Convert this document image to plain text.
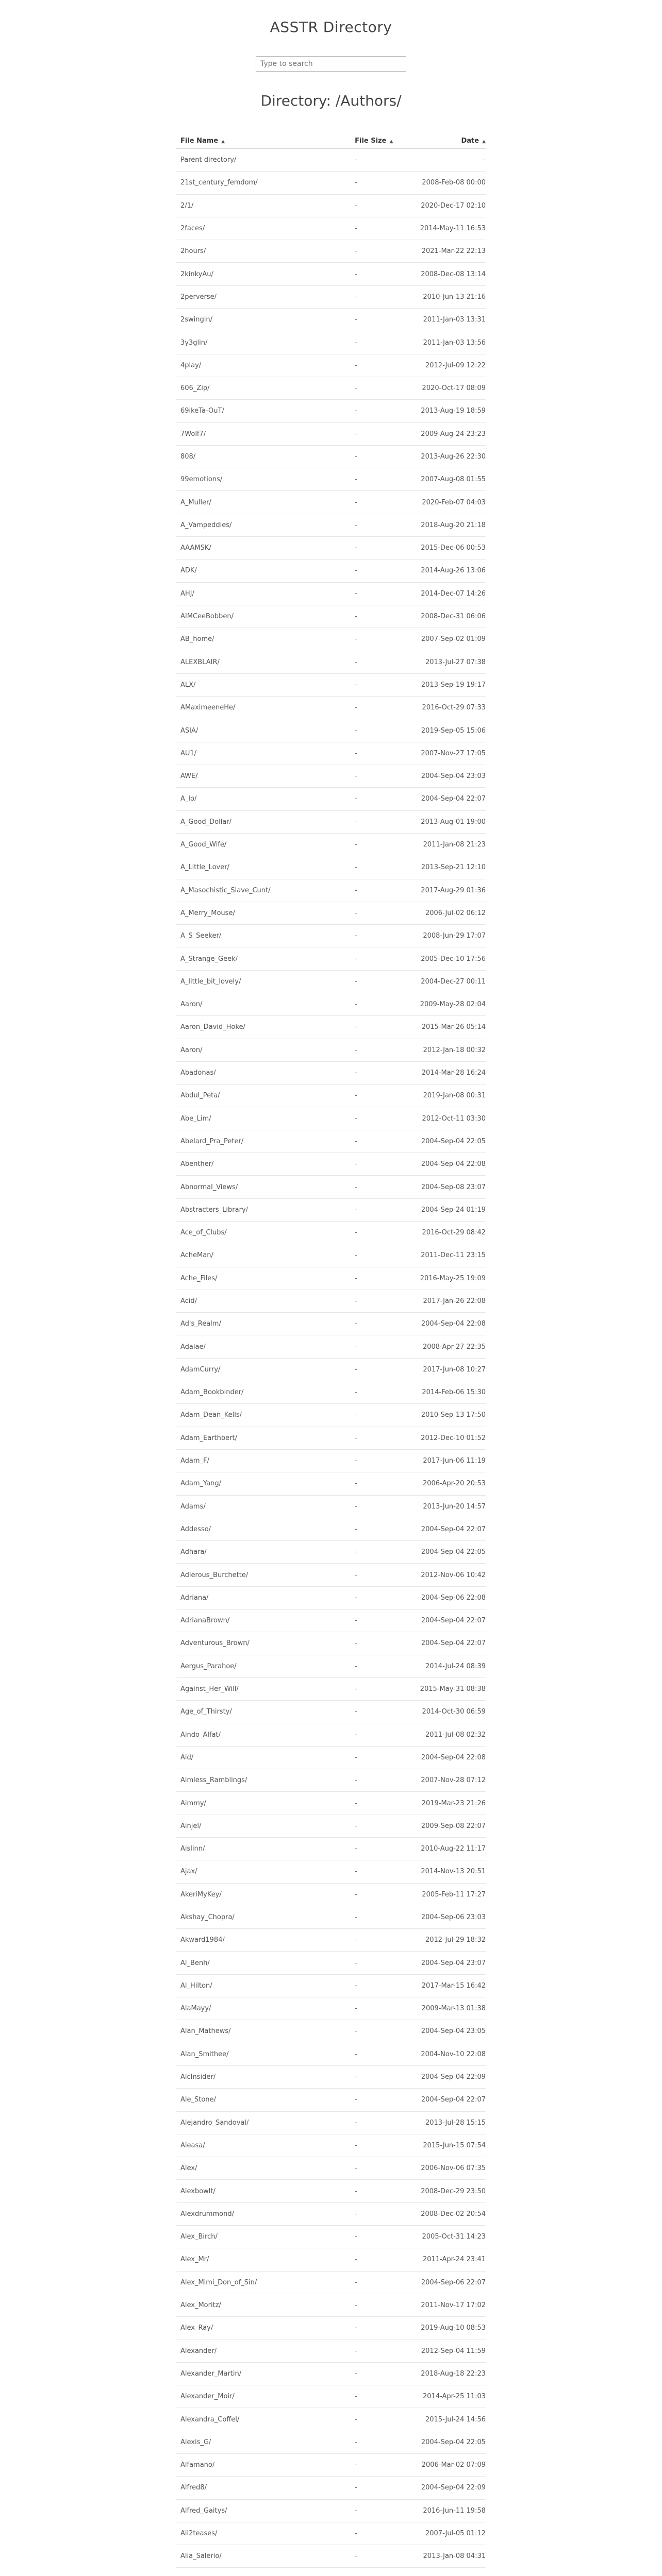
ASSTR Directory
Type to search
Directory: /Authors/
File Name ▲	File Size ▲	Date ▲
Parent directory/	-	-
21st_century_femdom/	-	2008-Feb-08 00:00
2/1/	-	2020-Dec-17 02:10
2faces/	-	2014-May-11 16:53
2hours/	-	2021-Mar-22 22:13
2kinkyAu/	-	2008-Dec-08 13:14
2perverse/	-	2010-Jun-13 21:16
2swingin/	-	2011-Jan-03 13:31
3y3glin/	-	2011-Jan-03 13:56
4play/	-	2012-Jul-09 12:22
606_Zip/	-	2020-Oct-17 08:09
69ikeTa-OuT/	-	2013-Aug-19 18:59
7Wolf7/	-	2009-Aug-24 23:23
808/	-	2013-Aug-26 22:30
99emotions/	-	2007-Aug-08 01:55
A_Muller/	-	2020-Feb-07 04:03
A_Vampeddies/	-	2018-Aug-20 21:18
AAAMSK/	-	2015-Dec-06 00:53
ADK/	-	2014-Aug-26 13:06
AHJ/	-	2014-Dec-07 14:26
AIMCeeBobben/	-	2008-Dec-31 06:06
AB_home/	-	2007-Sep-02 01:09
ALEXBLAIR/	-	2013-Jul-27 07:38
ALX/	-	2013-Sep-19 19:17
AMaximeeneHe/	-	2016-Oct-29 07:33
ASIA/	-	2019-Sep-05 15:06
AU1/	-	2007-Nov-27 17:05
AWE/	-	2004-Sep-04 23:03
A_lo/	-	2004-Sep-04 22:07
A_Good_Dollar/	-	2013-Aug-01 19:00
A_Good_Wife/	-	2011-Jan-08 21:23
A_Little_Lover/	-	2013-Sep-21 12:10
A_Masochistic_Slave_Cunt/	-	2017-Aug-29 01:36
A_Merry_Mouse/	-	2006-Jul-02 06:12
A_S_Seeker/	-	2008-Jun-29 17:07
A_Strange_Geek/	-	2005-Dec-10 17:56
A_little_bit_lovely/	-	2004-Dec-27 00:11
Aaron/	-	2009-May-28 02:04
Aaron_David_Hoke/	-	2015-Mar-26 05:14
Aaron/	-	2012-Jan-18 00:32
Abadonas/	-	2014-Mar-28 16:24
Abdul_Peta/	-	2019-Jan-08 00:31
Abe_Lim/	-	2012-Oct-11 03:30
Abelard_Pra_Peter/	-	2004-Sep-04 22:05
Abenther/	-	2004-Sep-04 22:08
Abnormal_Views/	-	2004-Sep-08 23:07
Abstracters_Library/	-	2004-Sep-24 01:19
Ace_of_Clubs/	-	2016-Oct-29 08:42
AcheMan/	-	2011-Dec-11 23:15
Ache_Files/	-	2016-May-25 19:09
Acid/	-	2017-Jan-26 22:08
Ad's_Realm/	-	2004-Sep-04 22:08
Adalae/	-	2008-Apr-27 22:35
AdamCurry/	-	2017-Jun-08 10:27
Adam_Bookbinder/	-	2014-Feb-06 15:30
Adam_Dean_Kells/	-	2010-Sep-13 17:50
Adam_Earthbert/	-	2012-Dec-10 01:52
Adam_F/	-	2017-Jun-06 11:19
Adam_Yang/	-	2006-Apr-20 20:53
Adams/	-	2013-Jun-20 14:57
Addesso/	-	2004-Sep-04 22:07
Adhara/	-	2004-Sep-04 22:05
Adlerous_Burchette/	-	2012-Nov-06 10:42
Adriana/	-	2004-Sep-06 22:08
AdrianaBrown/	-	2004-Sep-04 22:07
Adventurous_Brown/	-	2004-Sep-04 22:07
Aergus_Parahoe/	-	2014-Jul-24 08:39
Against_Her_Will/	-	2015-May-31 08:38
Age_of_Thirsty/	-	2014-Oct-30 06:59
Aindo_Alfat/	-	2011-Jul-08 02:32
Aid/	-	2004-Sep-04 22:08
Aimless_Ramblings/	-	2007-Nov-28 07:12
Aimmy/	-	2019-Mar-23 21:26
Ainjel/	-	2009-Sep-08 22:07
Aislinn/	-	2010-Aug-22 11:17
Ajax/	-	2014-Nov-13 20:51
AkeriMyKey/	-	2005-Feb-11 17:27
Akshay_Chopra/	-	2004-Sep-06 23:03
Akward1984/	-	2012-Jul-29 18:32
Al_Benh/	-	2004-Sep-04 23:07
Al_Hilton/	-	2017-Mar-15 16:42
AlaMayy/	-	2009-Mar-13 01:38
Alan_Mathews/	-	2004-Sep-04 23:05
Alan_Smithee/	-	2004-Nov-10 22:08
AlcInsider/	-	2004-Sep-04 22:09
Ale_Stone/	-	2004-Sep-04 22:07
Alejandro_Sandoval/	-	2013-Jul-28 15:15
Aleasa/	-	2015-Jun-15 07:54
Alex/	-	2006-Nov-06 07:35
Alexbowlt/	-	2008-Dec-29 23:50
Alexdrummond/	-	2008-Dec-02 20:54
Alex_Birch/	-	2005-Oct-31 14:23
Alex_Mr/	-	2011-Apr-24 23:41
Alex_Mimi_Don_of_Sin/	-	2004-Sep-06 22:07
Alex_Moritz/	-	2011-Nov-17 17:02
Alex_Ray/	-	2019-Aug-10 08:53
Alexander/	-	2012-Sep-04 11:59
Alexander_Martin/	-	2018-Aug-18 22:23
Alexander_Moir/	-	2014-Apr-25 11:03
Alexandra_Coffel/	-	2015-Jul-24 14:56
Alexis_G/	-	2004-Sep-04 22:05
Alfamano/	-	2006-Mar-02 07:09
Alfred8/	-	2004-Sep-04 22:09
Alfred_Gaitys/	-	2016-Jun-11 19:58
Ali2teases/	-	2007-Jul-05 01:12
Alia_Salerio/	-	2013-Jan-08 04:31
